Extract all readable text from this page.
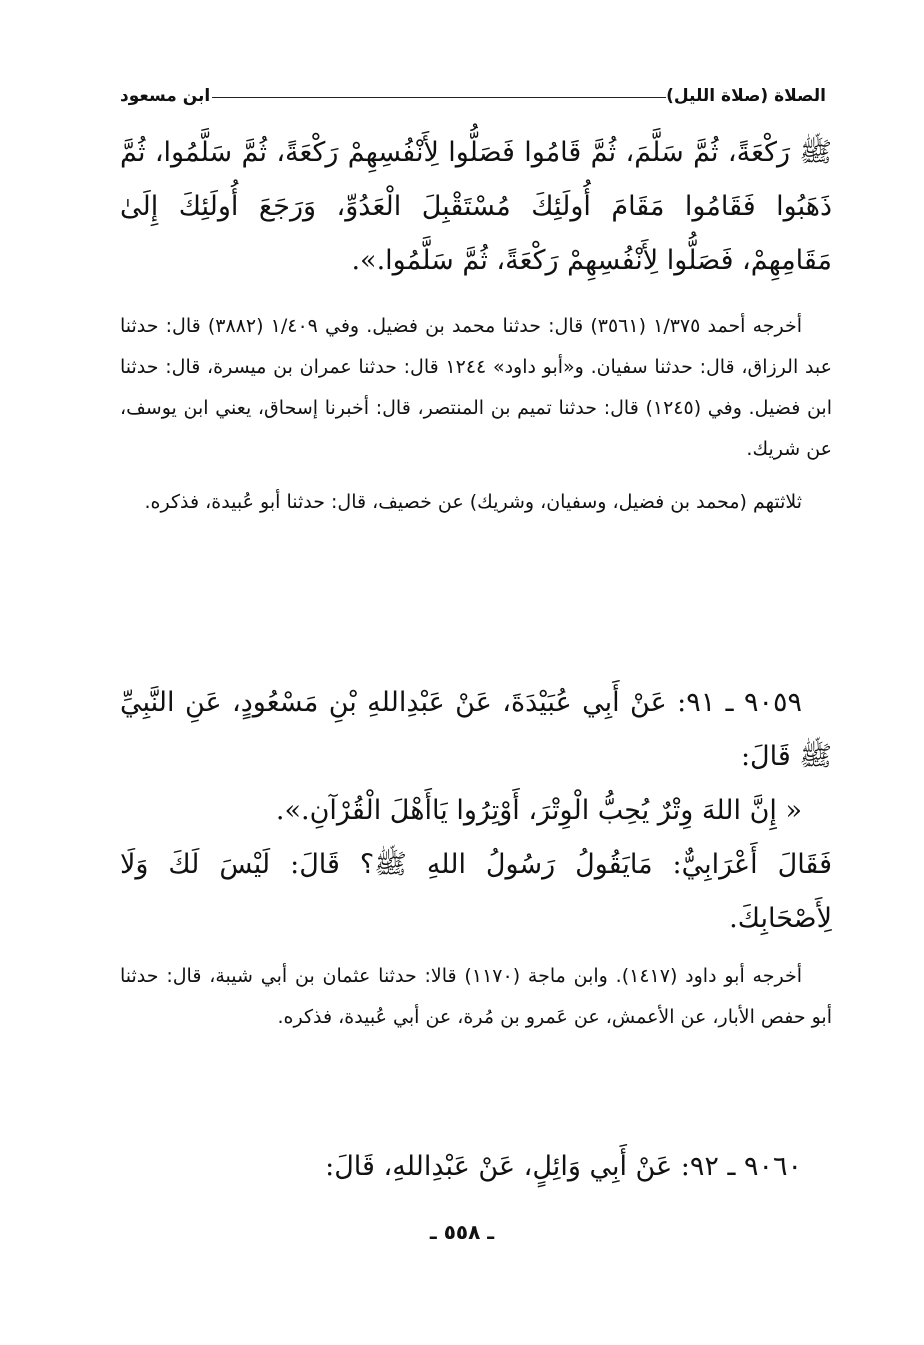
الصلاة (صلاة الليل)
ابن مسعود

ﷺ رَكْعَةً، ثُمَّ سَلَّمَ، ثُمَّ قَامُوا فَصَلُّوا لِأَنْفُسِهِمْ رَكْعَةً، ثُمَّ سَلَّمُوا، ثُمَّ ذَهَبُوا فَقَامُوا مَقَامَ أُولَئِكَ مُسْتَقْبِلَ الْعَدُوِّ، وَرَجَعَ أُولَئِكَ إِلَىٰ مَقَامِهِمْ، فَصَلُّوا لِأَنْفُسِهِمْ رَكْعَةً، ثُمَّ سَلَّمُوا.».

أخرجه أحمد ١/٣٧٥ (٣٥٦١) قال: حدثنا محمد بن فضيل. وفي ١/٤٠٩ (٣٨٨٢) قال: حدثنا عبد الرزاق، قال: حدثنا سفيان. و«أبو داود» ١٢٤٤ قال: حدثنا عمران بن ميسرة، قال: حدثنا ابن فضيل. وفي (١٢٤٥) قال: حدثنا تميم بن المنتصر، قال: أخبرنا إسحاق، يعني ابن يوسف، عن شريك.

ثلاثتهم (محمد بن فضيل، وسفيان، وشريك) عن خصيف، قال: حدثنا أبو عُبيدة، فذكره.

٩٠٥٩ ـ ٩١: عَنْ أَبِي عُبَيْدَةَ، عَنْ عَبْدِاللهِ بْنِ مَسْعُودٍ، عَنِ النَّبِيِّ ﷺ قَالَ:

« إِنَّ اللهَ وِتْرٌ يُحِبُّ الْوِتْرَ، أَوْتِرُوا يَاأَهْلَ الْقُرْآنِ.».

فَقَالَ أَعْرَابِيٌّ: مَايَقُولُ رَسُولُ اللهِ ﷺ؟ قَالَ: لَيْسَ لَكَ وَلَا لِأَصْحَابِكَ.

أخرجه أبو داود (١٤١٧). وابن ماجة (١١٧٠) قالا: حدثنا عثمان بن أبي شيبة، قال: حدثنا أبو حفص الأبار، عن الأعمش، عن عَمرو بن مُرة، عن أبي عُبيدة، فذكره.

٩٠٦٠ ـ ٩٢: عَنْ أَبِي وَائِلٍ، عَنْ عَبْدِاللهِ، قَالَ:

ـ ٥٥٨ ـ
